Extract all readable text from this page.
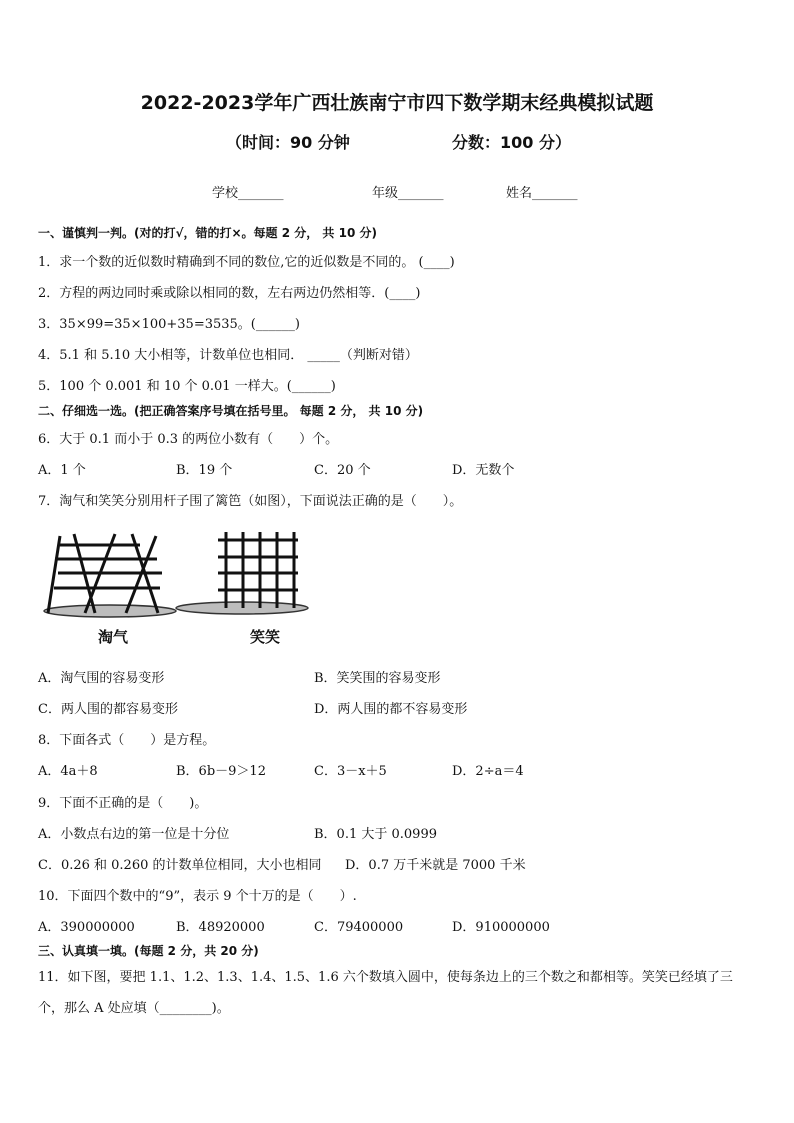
2022-2023学年广西壮族南宁市四下数学期末经典模拟试题
（时间：90 分钟	分数：100 分）
学校_______	年级_______	姓名_______
一、谨慎判一判。(对的打√，错的打×。每题 2 分， 共 10 分)
1．求一个数的近似数时精确到不同的数位,它的近似数是不同的。 (____)
2．方程的两边同时乘或除以相同的数，左右两边仍然相等．(____)
3．35×99=35×100+35=3535。(______)
4．5.1 和 5.10 大小相等，计数单位也相同． _____（判断对错）
5．100 个 0.001 和 10 个 0.01 一样大。(______)
二、仔细选一选。(把正确答案序号填在括号里。 每题 2 分， 共 10 分)
6．大于 0.1 而小于 0.3 的两位小数有（　　）个。
A．1 个	B．19 个	C．20 个	D．无数个
7．淘气和笑笑分别用杆子围了篱笆（如图），下面说法正确的是（　　）。
淘气	笑笑
A．淘气围的容易变形	B．笑笑围的容易变形
C．两人围的都容易变形	D．两人围的都不容易变形
8．下面各式（　　）是方程。
A．4a＋8	B．6b－9＞12	C．3－x＋5	D．2÷a＝4
9．下面不正确的是（　　)。
A．小数点右边的第一位是十分位	B．0.1 大于 0.0999
C．0.26 和 0.260 的计数单位相同，大小也相同 D．0.7 万千米就是 7000 千米
10．下面四个数中的“9”，表示 9 个十万的是（　　）.
A．390000000	B．48920000	C．79400000	D．910000000
三、认真填一填。(每题 2 分，共 20 分)
11．如下图，要把 1.1、1.2、1.3、1.4、1.5、1.6 六个数填入圆中，使每条边上的三个数之和都相等。笑笑已经填了三个，那么 A 处应填（________)。
